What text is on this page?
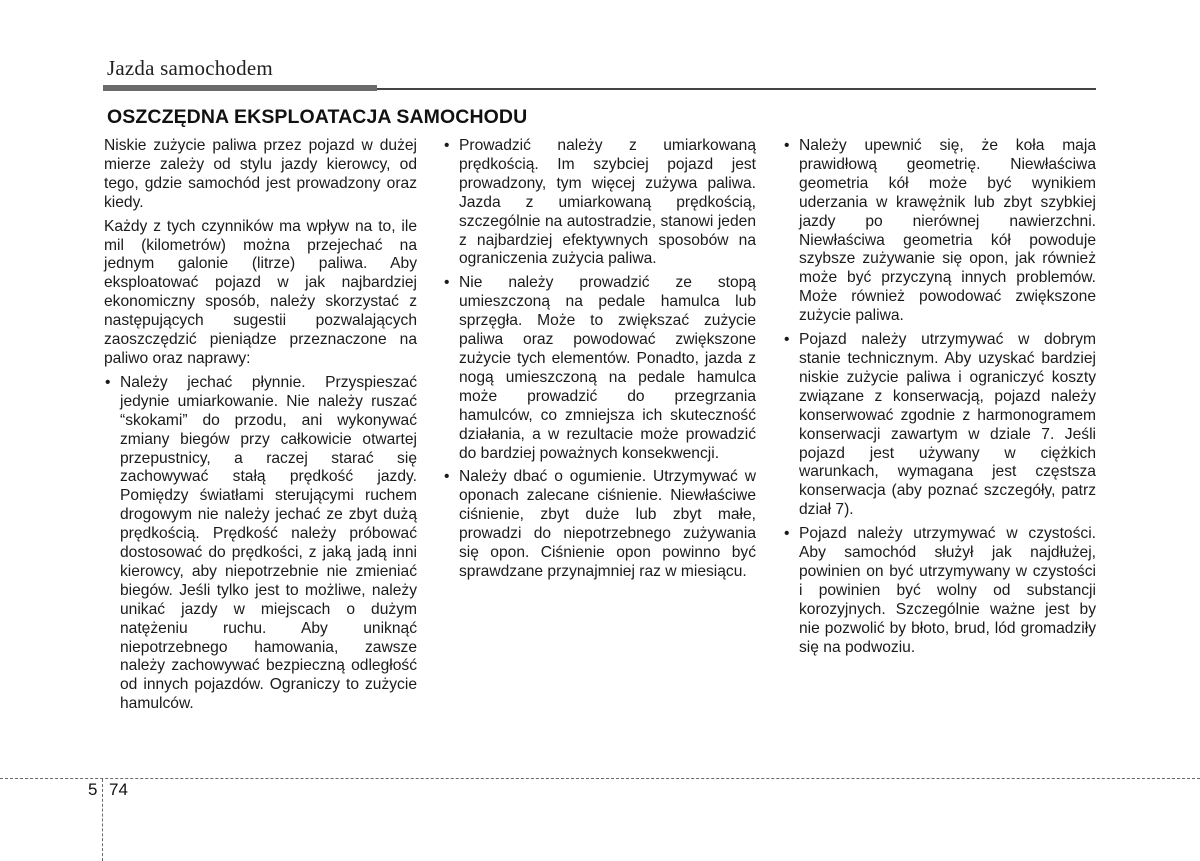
Jazda samochodem
OSZCZĘDNA EKSPLOATACJA SAMOCHODU

Niskie zużycie paliwa przez pojazd w dużej mierze zależy od stylu jazdy kierowcy, od tego, gdzie samochód jest prowadzony oraz kiedy.

Każdy z tych czynników ma wpływ na to, ile mil (kilometrów) można przejechać na jednym galonie (litrze) paliwa. Aby eksploatować pojazd w jak najbardziej ekonomiczny sposób, należy skorzystać z następujących sugestii pozwalających zaoszczędzić pieniądze przeznaczone na paliwo oraz naprawy:

• Należy jechać płynnie. Przyspieszać jedynie umiarkowanie. Nie należy ruszać “skokami” do przodu, ani wykonywać zmiany biegów przy całkowicie otwartej przepustnicy, a raczej starać się zachowywać stałą prędkość jazdy. Pomiędzy światłami sterującymi ruchem drogowym nie należy jechać ze zbyt dużą prędkością. Prędkość należy próbować dostosować do prędkości, z jaką jadą inni kierowcy, aby niepotrzebnie nie zmieniać biegów. Jeśli tylko jest to możliwe, należy unikać jazdy w miejscach o dużym natężeniu ruchu. Aby uniknąć niepotrzebnego hamowania, zawsze należy zachowywać bezpieczną odległość od innych pojazdów. Ograniczy to zużycie hamulców.
• Prowadzić należy z umiarkowaną prędkością. Im szybciej pojazd jest prowadzony, tym więcej zużywa paliwa. Jazda z umiarkowaną prędkością, szczególnie na autostradzie, stanowi jeden z najbardziej efektywnych sposobów na ograniczenia zużycia paliwa.
• Nie należy prowadzić ze stopą umieszczoną na pedale hamulca lub sprzęgła. Może to zwiększać zużycie paliwa oraz powodować zwiększone zużycie tych elementów. Ponadto, jazda z nogą umieszczoną na pedale hamulca może prowadzić do przegrzania hamulców, co zmniejsza ich skuteczność działania, a w rezultacie może prowadzić do bardziej poważnych konsekwencji.
• Należy dbać o ogumienie. Utrzymywać w oponach zalecane ciśnienie. Niewłaściwe ciśnienie, zbyt duże lub zbyt małe, prowadzi do niepotrzebnego zużywania się opon. Ciśnienie opon powinno być sprawdzane przynajmniej raz w miesiącu.
• Należy upewnić się, że koła maja prawidłową geometrię. Niewłaściwa geometria kół może być wynikiem uderzania w krawężnik lub zbyt szybkiej jazdy po nierównej nawierzchni. Niewłaściwa geometria kół powoduje szybsze zużywanie się opon, jak również może być przyczyną innych problemów. Może również powodować zwiększone zużycie paliwa.
• Pojazd należy utrzymywać w dobrym stanie technicznym. Aby uzyskać bardziej niskie zużycie paliwa i ograniczyć koszty związane z konserwacją, pojazd należy konserwować zgodnie z harmonogramem konserwacji zawartym w dziale 7. Jeśli pojazd jest używany w ciężkich warunkach, wymagana jest częstsza konserwacja (aby poznać szczegóły, patrz dział 7).
• Pojazd należy utrzymywać w czystości. Aby samochód służył jak najdłużej, powinien on być utrzymywany w czystości i powinien być wolny od substancji korozyjnych. Szczególnie ważne jest by nie pozwolić by błoto, brud, lód gromadziły się na podwoziu.
5 74
